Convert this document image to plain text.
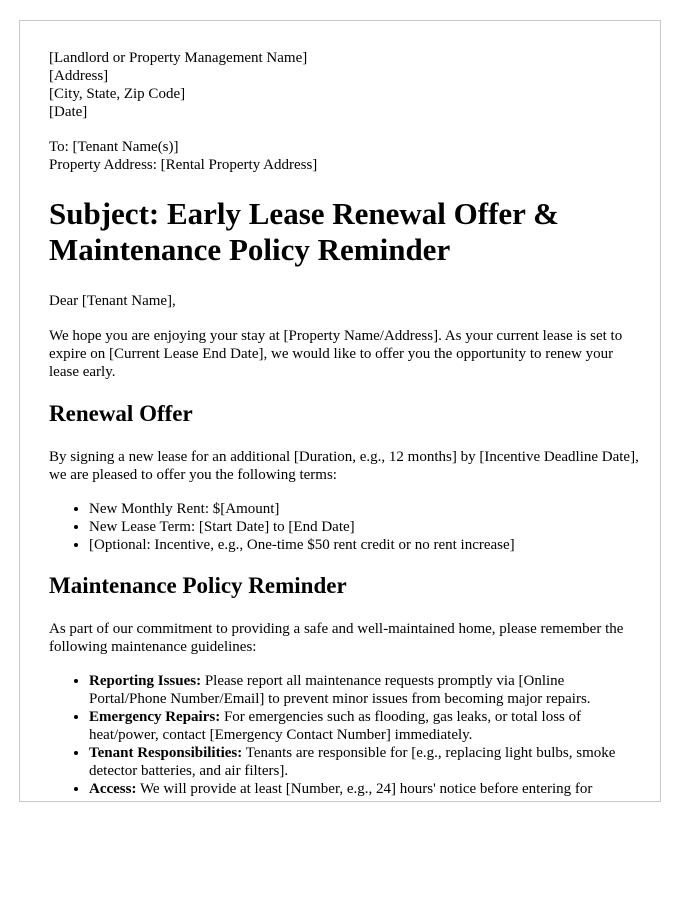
[Landlord or Property Management Name]
[Address]
[City, State, Zip Code]
[Date]
To: [Tenant Name(s)]
Property Address: [Rental Property Address]
Subject: Early Lease Renewal Offer & Maintenance Policy Reminder

Dear [Tenant Name],

We hope you are enjoying your stay at [Property Name/Address]. As your current lease is set to expire on [Current Lease End Date], we would like to offer you the opportunity to renew your lease early.

Renewal Offer

By signing a new lease for an additional [Duration, e.g., 12 months] by [Incentive Deadline Date], we are pleased to offer you the following terms:

• New Monthly Rent: $[Amount]
• New Lease Term: [Start Date] to [End Date]
• [Optional: Incentive, e.g., One-time $50 rent credit or no rent increase]
Maintenance Policy Reminder

As part of our commitment to providing a safe and well-maintained home, please remember the following maintenance guidelines:

• Reporting Issues: Please report all maintenance requests promptly via [Online Portal/Phone Number/Email] to prevent minor issues from becoming major repairs.
• Emergency Repairs: For emergencies such as flooding, gas leaks, or total loss of heat/power, contact [Emergency Contact Number] immediately.
• Tenant Responsibilities: Tenants are responsible for [e.g., replacing light bulbs, smoke detector batteries, and air filters].
• Access: We will provide at least [Number, e.g., 24] hours' notice before entering for
